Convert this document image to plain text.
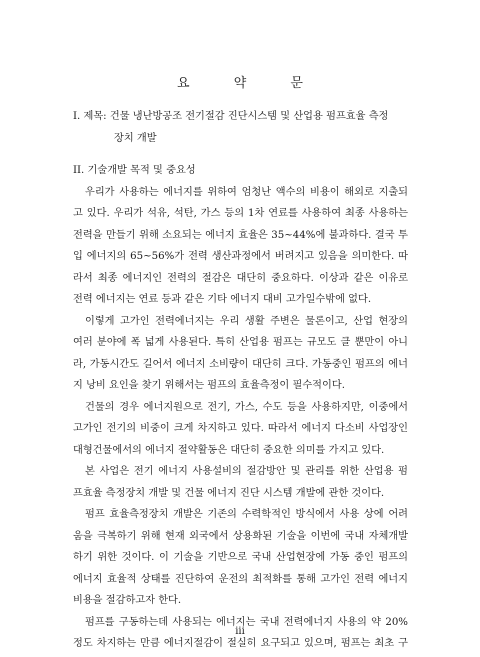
요 약 문
I. 제목: 건물 냉난방공조 전기절감 진단시스템 및 산업용 펌프효율 측정
장치 개발
II. 기술개발 목적 및 중요성
우리가 사용하는 에너지를 위하여 엄청난 액수의 비용이 해외로 지출되
고 있다. 우리가 석유, 석탄, 가스 등의 1차 연료를 사용하여 최종 사용하는
전력을 만들기 위해 소요되는 에너지 효율은 35~44%에 불과하다. 결국 투
입 에너지의 65~56%가 전력 생산과정에서 버려지고 있음을 의미한다. 따
라서 최종 에너지인 전력의 절감은 대단히 중요하다. 이상과 같은 이유로
전력 에너지는 연료 등과 같은 기타 에너지 대비 고가일수밖에 없다.
이렇게 고가인 전력에너지는 우리 생활 주변은 물론이고, 산업 현장의
여러 분야에 폭 넓게 사용된다. 특히 산업용 펌프는 규모도 클 뿐만이 아니
라, 가동시간도 길어서 에너지 소비량이 대단히 크다. 가동중인 펌프의 에너
지 낭비 요인을 찾기 위해서는 펌프의 효율측정이 필수적이다.
건물의 경우 에너지원으로 전기, 가스, 수도 등을 사용하지만, 이중에서
고가인 전기의 비중이 크게 차지하고 있다. 따라서 에너지 다소비 사업장인
대형건물에서의 에너지 절약활동은 대단히 중요한 의미를 가지고 있다.
본 사업은 전기 에너지 사용설비의 절감방안 및 관리를 위한 산업용 펌
프효율 측정장치 개발 및 건물 에너지 진단 시스템 개발에 관한 것이다.
펌프 효율측정장치 개발은 기존의 수력학적인 방식에서 사용 상에 어려
움을 극복하기 위해 현재 외국에서 상용화된 기술을 이번에 국내 자체개발
하기 위한 것이다. 이 기술을 기반으로 국내 산업현장에 가동 중인 펌프의
에너지 효율적 상태를 진단하여 운전의 최적화를 통해 고가인 전력 에너지
비용을 절감하고자 한다.
펌프를 구동하는데 사용되는 에너지는 국내 전력에너지 사용의 약 20%
정도 차지하는 만큼 에너지절감이 절실히 요구되고 있으며, 펌프는 최초 구
iii
